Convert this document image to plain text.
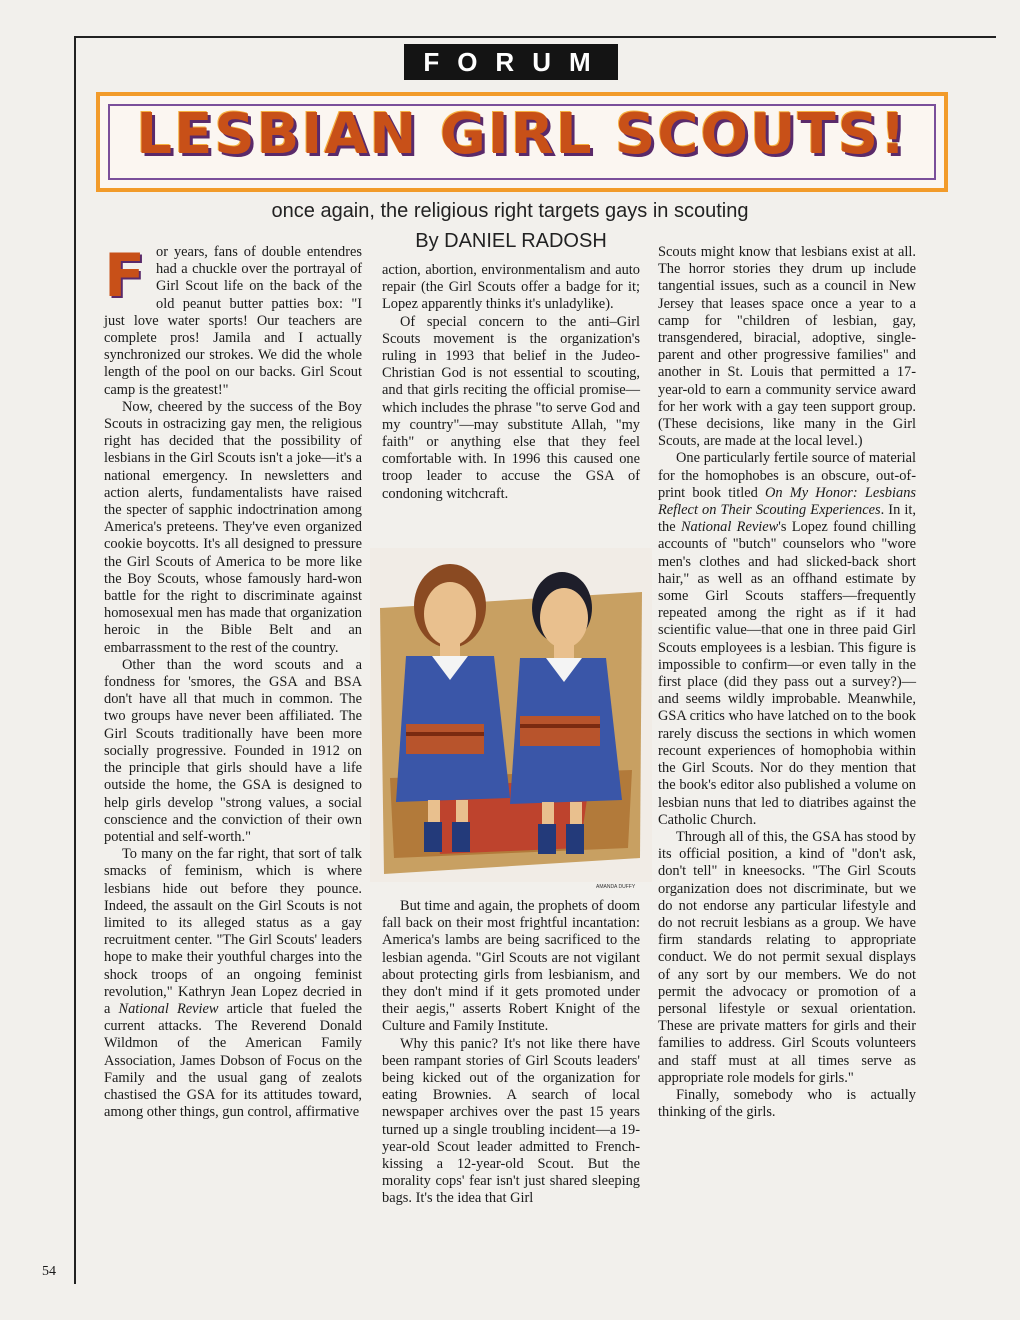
FORUM
LESBIAN GIRL SCOUTS!
once again, the religious right targets gays in scouting
By DANIEL RADOSH

For years, fans of double entendres had a chuckle over the portrayal of Girl Scout life on the back of the old peanut butter patties box: "I just love water sports! Our teachers are complete pros! Jamila and I actually synchronized our strokes. We did the whole length of the pool on our backs. Girl Scout camp is the greatest!"

Now, cheered by the success of the Boy Scouts in ostracizing gay men, the religious right has decided that the possibility of lesbians in the Girl Scouts isn't a joke—it's a national emergency. In newsletters and action alerts, fundamentalists have raised the specter of sapphic indoctrination among America's preteens. They've even organized cookie boycotts. It's all designed to pressure the Girl Scouts of America to be more like the Boy Scouts, whose famously hard-won battle for the right to discriminate against homosexual men has made that organization heroic in the Bible Belt and an embarrassment to the rest of the country.

Other than the word scouts and a fondness for 'smores, the GSA and BSA don't have all that much in common. The two groups have never been affiliated. The Girl Scouts traditionally have been more socially progressive. Founded in 1912 on the principle that girls should have a life outside the home, the GSA is designed to help girls develop "strong values, a social conscience and the conviction of their own potential and self-worth."

To many on the far right, that sort of talk smacks of feminism, which is where lesbians hide out before they pounce. Indeed, the assault on the Girl Scouts is not limited to its alleged status as a gay recruitment center. "The Girl Scouts' leaders hope to make their youthful charges into the shock troops of an ongoing feminist revolution," Kathryn Jean Lopez decried in a National Review article that fueled the current attacks. The Reverend Donald Wildmon of the American Family Association, James Dobson of Focus on the Family and the usual gang of zealots chastised the GSA for its attitudes toward, among other things, gun control, affirmative

action, abortion, environmentalism and auto repair (the Girl Scouts offer a badge for it; Lopez apparently thinks it's unladylike).

Of special concern to the anti–Girl Scouts movement is the organization's ruling in 1993 that belief in the Judeo-Christian God is not essential to scouting, and that girls reciting the official promise—which includes the phrase "to serve God and my country"—may substitute Allah, "my faith" or anything else that they feel comfortable with. In 1996 this caused one troop leader to accuse the GSA of condoning witchcraft.

AMANDA DUFFY

But time and again, the prophets of doom fall back on their most frightful incantation: America's lambs are being sacrificed to the lesbian agenda. "Girl Scouts are not vigilant about protecting girls from lesbianism, and they don't mind if it gets promoted under their aegis," asserts Robert Knight of the Culture and Family Institute.

Why this panic? It's not like there have been rampant stories of Girl Scouts leaders' being kicked out of the organization for eating Brownies. A search of local newspaper archives over the past 15 years turned up a single troubling incident—a 19-year-old Scout leader admitted to French-kissing a 12-year-old Scout. But the morality cops' fear isn't just shared sleeping bags. It's the idea that Girl

Scouts might know that lesbians exist at all. The horror stories they drum up include tangential issues, such as a council in New Jersey that leases space once a year to a camp for "children of lesbian, gay, transgendered, biracial, adoptive, single-parent and other progressive families" and another in St. Louis that permitted a 17-year-old to earn a community service award for her work with a gay teen support group. (These decisions, like many in the Girl Scouts, are made at the local level.)

One particularly fertile source of material for the homophobes is an obscure, out-of-print book titled On My Honor: Lesbians Reflect on Their Scouting Experiences. In it, the National Review's Lopez found chilling accounts of "butch" counselors who "wore men's clothes and had slicked-back short hair," as well as an offhand estimate by some Girl Scouts staffers—frequently repeated among the right as if it had scientific value—that one in three paid Girl Scouts employees is a lesbian. This figure is impossible to confirm—or even tally in the first place (did they pass out a survey?)—and seems wildly improbable. Meanwhile, GSA critics who have latched on to the book rarely discuss the sections in which women recount experiences of homophobia within the Girl Scouts. Nor do they mention that the book's editor also published a volume on lesbian nuns that led to diatribes against the Catholic Church.

Through all of this, the GSA has stood by its official position, a kind of "don't ask, don't tell" in kneesocks. "The Girl Scouts organization does not discriminate, but we do not endorse any particular lifestyle and do not recruit lesbians as a group. We have firm standards relating to appropriate conduct. We do not permit sexual displays of any sort by our members. We do not permit the advocacy or promotion of a personal lifestyle or sexual orientation. These are private matters for girls and their families to address. Girl Scouts volunteers and staff must at all times serve as appropriate role models for girls."

Finally, somebody who is actually thinking of the girls.

54
